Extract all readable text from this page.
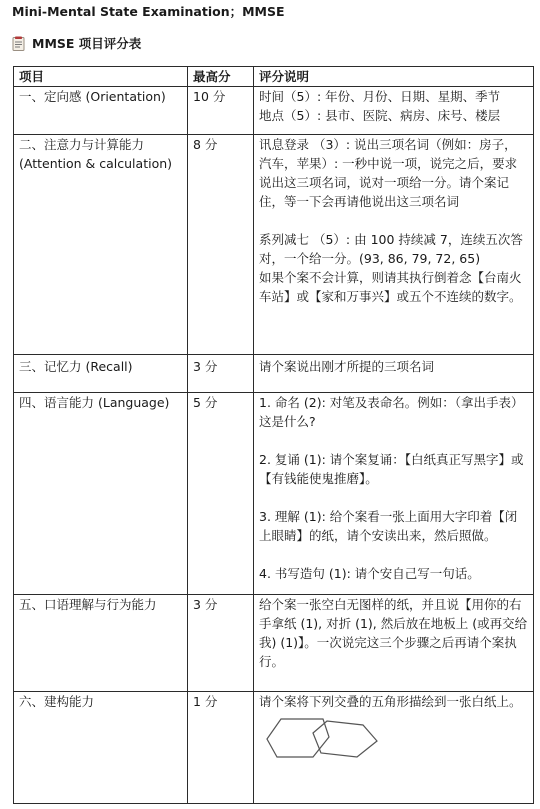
Mini-Mental State Examination；MMSE
MMSE 项目评分表
项目	最高分	评分说明
一、定向感 (Orientation)	10 分	时间（5）: 年份、月份、日期、星期、季节
地点（5）: 县市、医院、病房、床号、楼层

二、注意力与计算能力 (Attention & calculation)	8 分	讯息登录 （3）: 说出三项名词（例如：房子，汽车，苹果）: 一秒中说一项，说完之后，要求说出这三项名词，说对一项给一分。请个案记住，等一下会再请他说出这三项名词
系列减七 （5）: 由 100 持续减 7，连续五次答对，一个给一分。(93, 86, 79, 72, 65)
如果个案不会计算，则请其执行倒着念【台南火车站】或【家和万事兴】或五个不连续的数字。

三、记忆力 (Recall)	3 分	请个案说出刚才所提的三项名词

四、语言能力 (Language)	5 分	1. 命名 (2): 对笔及表命名。例如：（拿出手表）这是什么?
2. 复诵 (1): 请个案复诵：【白纸真正写黑字】或【有钱能使鬼推磨】。
3. 理解 (1): 给个案看一张上面用大字印着【闭上眼睛】的纸，请个安读出来，然后照做。
4. 书写造句 (1): 请个安自己写一句话。

五、口语理解与行为能力	3 分	给个案一张空白无图样的纸，并且说【用你的右手拿纸 (1), 对折 (1), 然后放在地板上 (或再交给我) (1)】。一次说完这三个步骤之后再请个案执行。

六、建构能力	1 分	请个案将下列交叠的五角形描绘到一张白纸上。
